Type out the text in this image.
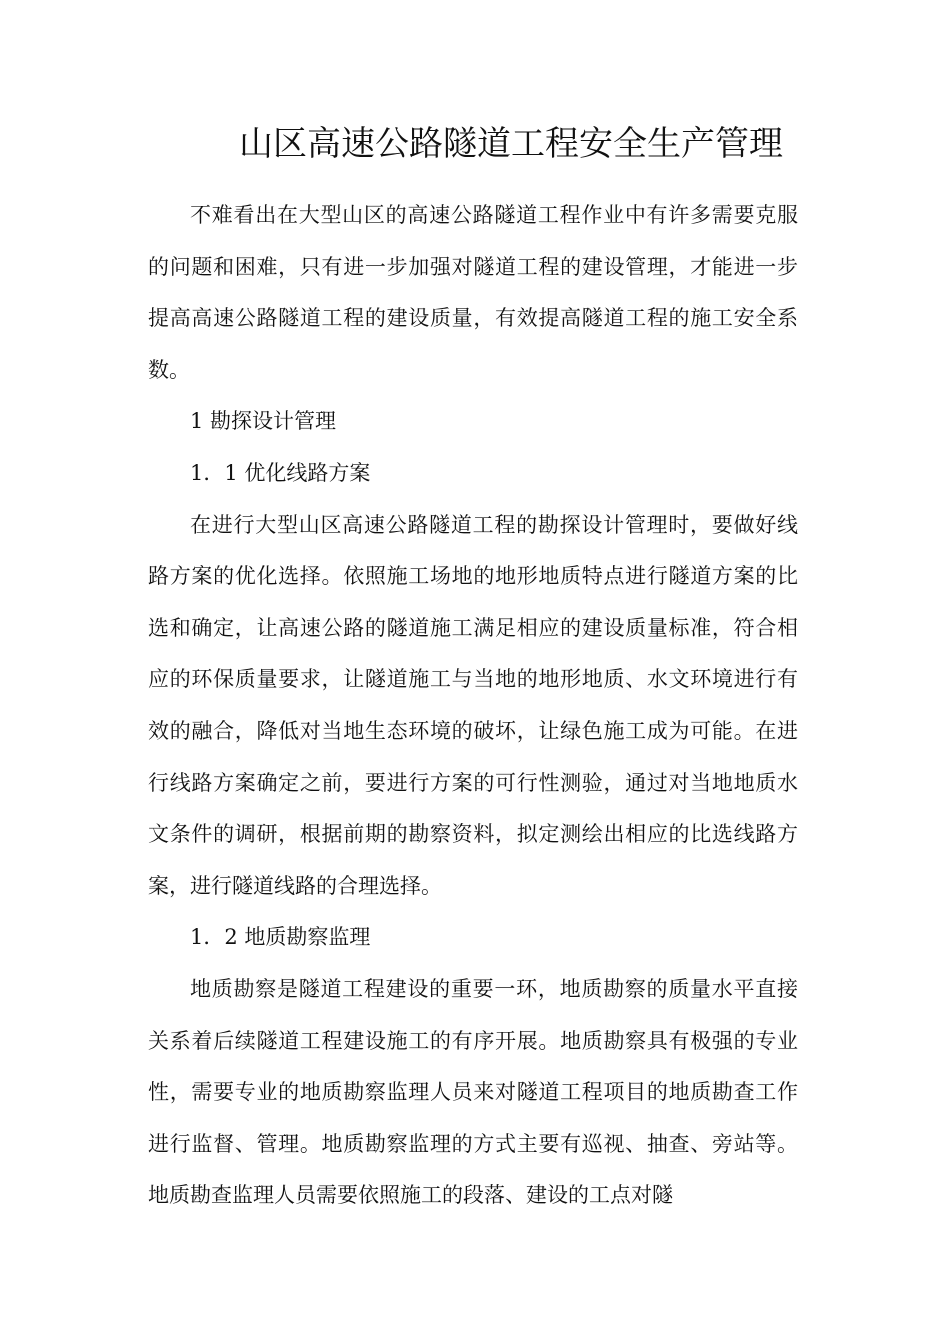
山区高速公路隧道工程安全生产管理

不难看出在大型山区的高速公路隧道工程作业中有许多需要克服的问题和困难，只有进一步加强对隧道工程的建设管理，才能进一步提高高速公路隧道工程的建设质量，有效提高隧道工程的施工安全系数。

1 勘探设计管理

1．1 优化线路方案

在进行大型山区高速公路隧道工程的勘探设计管理时，要做好线路方案的优化选择。依照施工场地的地形地质特点进行隧道方案的比选和确定，让高速公路的隧道施工满足相应的建设质量标准，符合相应的环保质量要求，让隧道施工与当地的地形地质、水文环境进行有效的融合，降低对当地生态环境的破坏，让绿色施工成为可能。在进行线路方案确定之前，要进行方案的可行性测验，通过对当地地质水文条件的调研，根据前期的勘察资料，拟定测绘出相应的比选线路方案，进行隧道线路的合理选择。

1．2 地质勘察监理

地质勘察是隧道工程建设的重要一环，地质勘察的质量水平直接关系着后续隧道工程建设施工的有序开展。地质勘察具有极强的专业性，需要专业的地质勘察监理人员来对隧道工程项目的地质勘查工作进行监督、管理。地质勘察监理的方式主要有巡视、抽查、旁站等。地质勘查监理人员需要依照施工的段落、建设的工点对隧
